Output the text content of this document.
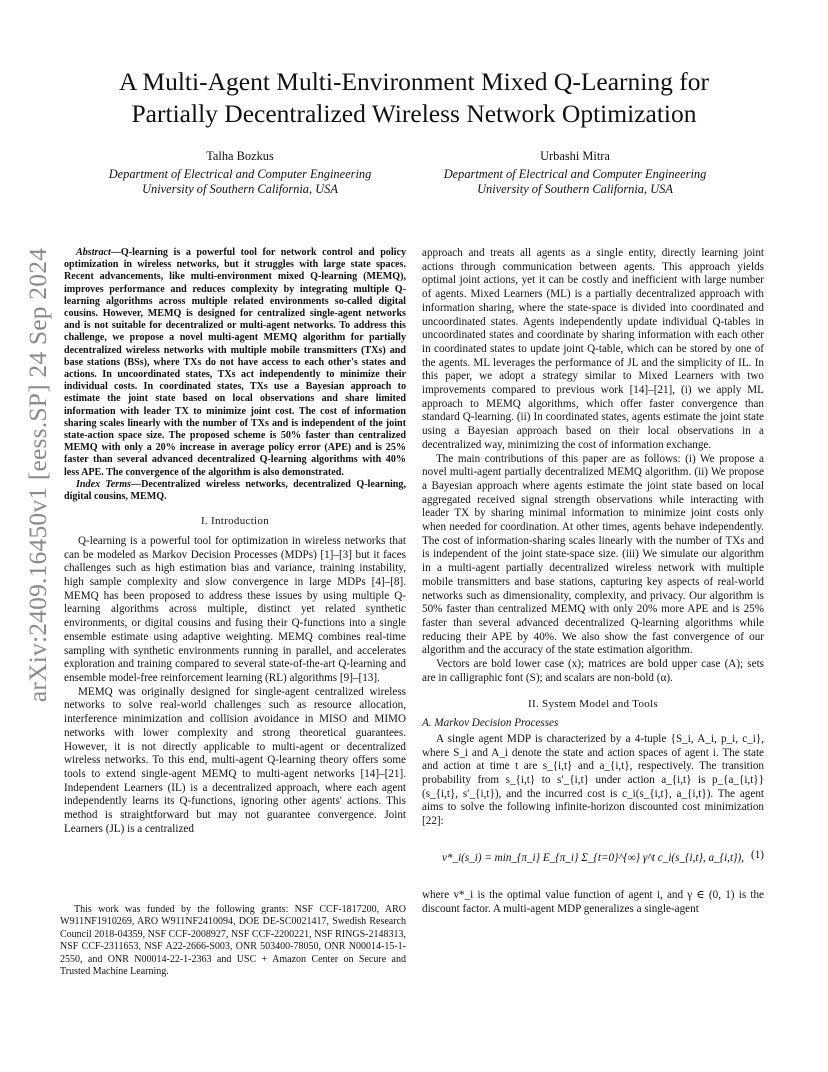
arXiv:2409.16450v1 [eess.SP] 24 Sep 2024
A Multi-Agent Multi-Environment Mixed Q-Learning for
Partially Decentralized Wireless Network Optimization
Talha Bozkus
Department of Electrical and Computer Engineering
University of Southern California, USA
Urbashi Mitra
Department of Electrical and Computer Engineering
University of Southern California, USA

Abstract—Q-learning is a powerful tool for network control and policy optimization in wireless networks, but it struggles with large state spaces. Recent advancements, like multi-environment mixed Q-learning (MEMQ), improves performance and reduces complexity by integrating multiple Q-learning algorithms across multiple related environments so-called digital cousins. However, MEMQ is designed for centralized single-agent networks and is not suitable for decentralized or multi-agent networks. To address this challenge, we propose a novel multi-agent MEMQ algorithm for partially decentralized wireless networks with multiple mobile transmitters (TXs) and base stations (BSs), where TXs do not have access to each other's states and actions. In uncoordinated states, TXs act independently to minimize their individual costs. In coordinated states, TXs use a Bayesian approach to estimate the joint state based on local observations and share limited information with leader TX to minimize joint cost. The cost of information sharing scales linearly with the number of TXs and is independent of the joint state-action space size. The proposed scheme is 50% faster than centralized MEMQ with only a 20% increase in average policy error (APE) and is 25% faster than several advanced decentralized Q-learning algorithms with 40% less APE. The convergence of the algorithm is also demonstrated.

Index Terms—Decentralized wireless networks, decentralized Q-learning, digital cousins, MEMQ.

I. Introduction

Q-learning is a powerful tool for optimization in wireless networks that can be modeled as Markov Decision Processes (MDPs) [1]–[3] but it faces challenges such as high estimation bias and variance, training instability, high sample complexity and slow convergence in large MDPs [4]–[8]. MEMQ has been proposed to address these issues by using multiple Q-learning algorithms across multiple, distinct yet related synthetic environments, or digital cousins and fusing their Q-functions into a single ensemble estimate using adaptive weighting. MEMQ combines real-time sampling with synthetic environments running in parallel, and accelerates exploration and training compared to several state-of-the-art Q-learning and ensemble model-free reinforcement learning (RL) algorithms [9]–[13].

MEMQ was originally designed for single-agent centralized wireless networks to solve real-world challenges such as resource allocation, interference minimization and collision avoidance in MISO and MIMO networks with lower complexity and strong theoretical guarantees. However, it is not directly applicable to multi-agent or decentralized wireless networks. To this end, multi-agent Q-learning theory offers some tools to extend single-agent MEMQ to multi-agent networks [14]–[21]. Independent Learners (IL) is a decentralized approach, where each agent independently learns its Q-functions, ignoring other agents' actions. This method is straightforward but may not guarantee convergence. Joint Learners (JL) is a centralized

This work was funded by the following grants: NSF CCF-1817200, ARO W911NF1910269, ARO W911NF2410094, DOE DE-SC0021417, Swedish Research Council 2018-04359, NSF CCF-2008927, NSF CCF-2200221, NSF RINGS-2148313, NSF CCF-2311653, NSF A22-2666-S003, ONR 503400-78050, ONR N00014-15-1-2550, and ONR N00014-22-1-2363 and USC + Amazon Center on Secure and Trusted Machine Learning.

approach and treats all agents as a single entity, directly learning joint actions through communication between agents. This approach yields optimal joint actions, yet it can be costly and inefficient with large number of agents. Mixed Learners (ML) is a partially decentralized approach with information sharing, where the state-space is divided into coordinated and uncoordinated states. Agents independently update individual Q-tables in uncoordinated states and coordinate by sharing information with each other in coordinated states to update joint Q-table, which can be stored by one of the agents. ML leverages the performance of JL and the simplicity of IL. In this paper, we adopt a strategy similar to Mixed Learners with two improvements compared to previous work [14]–[21], (i) we apply ML approach to MEMQ algorithms, which offer faster convergence than standard Q-learning. (ii) In coordinated states, agents estimate the joint state using a Bayesian approach based on their local observations in a decentralized way, minimizing the cost of information exchange.

The main contributions of this paper are as follows: (i) We propose a novel multi-agent partially decentralized MEMQ algorithm. (ii) We propose a Bayesian approach where agents estimate the joint state based on local aggregated received signal strength observations while interacting with leader TX by sharing minimal information to minimize joint costs only when needed for coordination. At other times, agents behave independently. The cost of information-sharing scales linearly with the number of TXs and is independent of the joint state-space size. (iii) We simulate our algorithm in a multi-agent partially decentralized wireless network with multiple mobile transmitters and base stations, capturing key aspects of real-world networks such as dimensionality, complexity, and privacy. Our algorithm is 50% faster than centralized MEMQ with only 20% more APE and is 25% faster than several advanced decentralized Q-learning algorithms while reducing their APE by 40%. We also show the fast convergence of our algorithm and the accuracy of the state estimation algorithm.

Vectors are bold lower case (x); matrices are bold upper case (A); sets are in calligraphic font (S); and scalars are non-bold (α).

II. System Model and Tools
A. Markov Decision Processes

A single agent MDP is characterized by a 4-tuple {S_i, A_i, p_i, c_i}, where S_i and A_i denote the state and action spaces of agent i. The state and action at time t are s_{i,t} and a_{i,t}, respectively. The transition probability from s_{i,t} to s′_{i,t} under action a_{i,t} is p_{a_{i,t}}(s_{i,t}, s′_{i,t}), and the incurred cost is c_i(s_{i,t}, a_{i,t}). The agent aims to solve the following infinite-horizon discounted cost minimization [22]:

v*_i(s_i) = min_{π_i} E_{π_i} Σ_{t=0}^{∞} γ^t c_i(s_{i,t}, a_{i,t}), (1)

where v*_i is the optimal value function of agent i, and γ ∈ (0, 1) is the discount factor. A multi-agent MDP generalizes a single-agent
